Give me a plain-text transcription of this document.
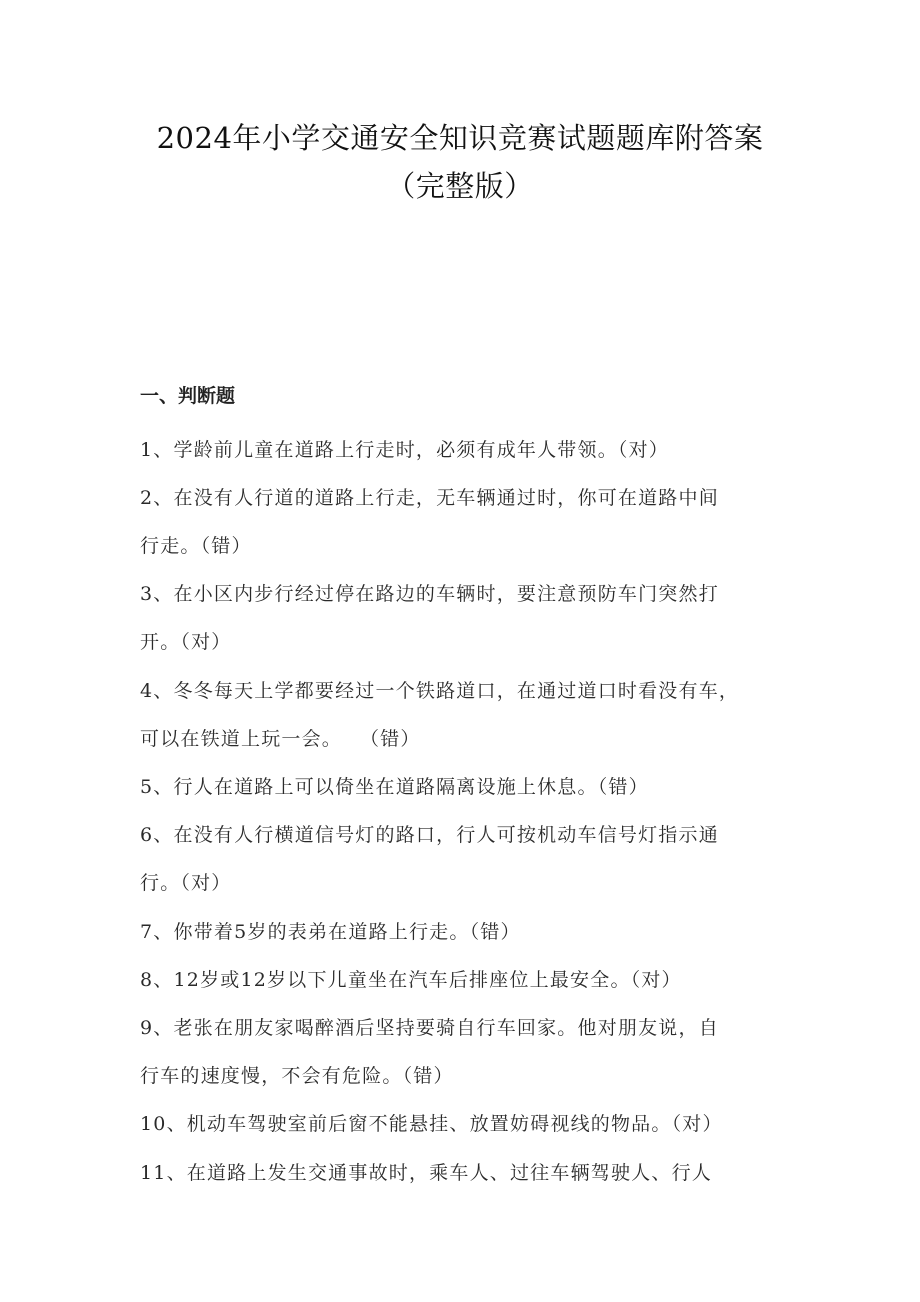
2024年小学交通安全知识竞赛试题题库附答案
（完整版）
一、判断题
1、学龄前儿童在道路上行走时，必须有成年人带领。（对）
2、在没有人行道的道路上行走，无车辆通过时，你可在道路中间
行走。（错）
3、在小区内步行经过停在路边的车辆时，要注意预防车门突然打
开。（对）
4、冬冬每天上学都要经过一个铁路道口，在通过道口时看没有车，
可以在铁道上玩一会。　 （错）
5、行人在道路上可以倚坐在道路隔离设施上休息。（错）
6、在没有人行横道信号灯的路口，行人可按机动车信号灯指示通
行。（对）
7、你带着5岁的表弟在道路上行走。（错）
8、12岁或12岁以下儿童坐在汽车后排座位上最安全。（对）
9、老张在朋友家喝醉酒后坚持要骑自行车回家。他对朋友说，自
行车的速度慢，不会有危险。（错）
10、机动车驾驶室前后窗不能悬挂、放置妨碍视线的物品。（对）
11、在道路上发生交通事故时，乘车人、过往车辆驾驶人、行人
